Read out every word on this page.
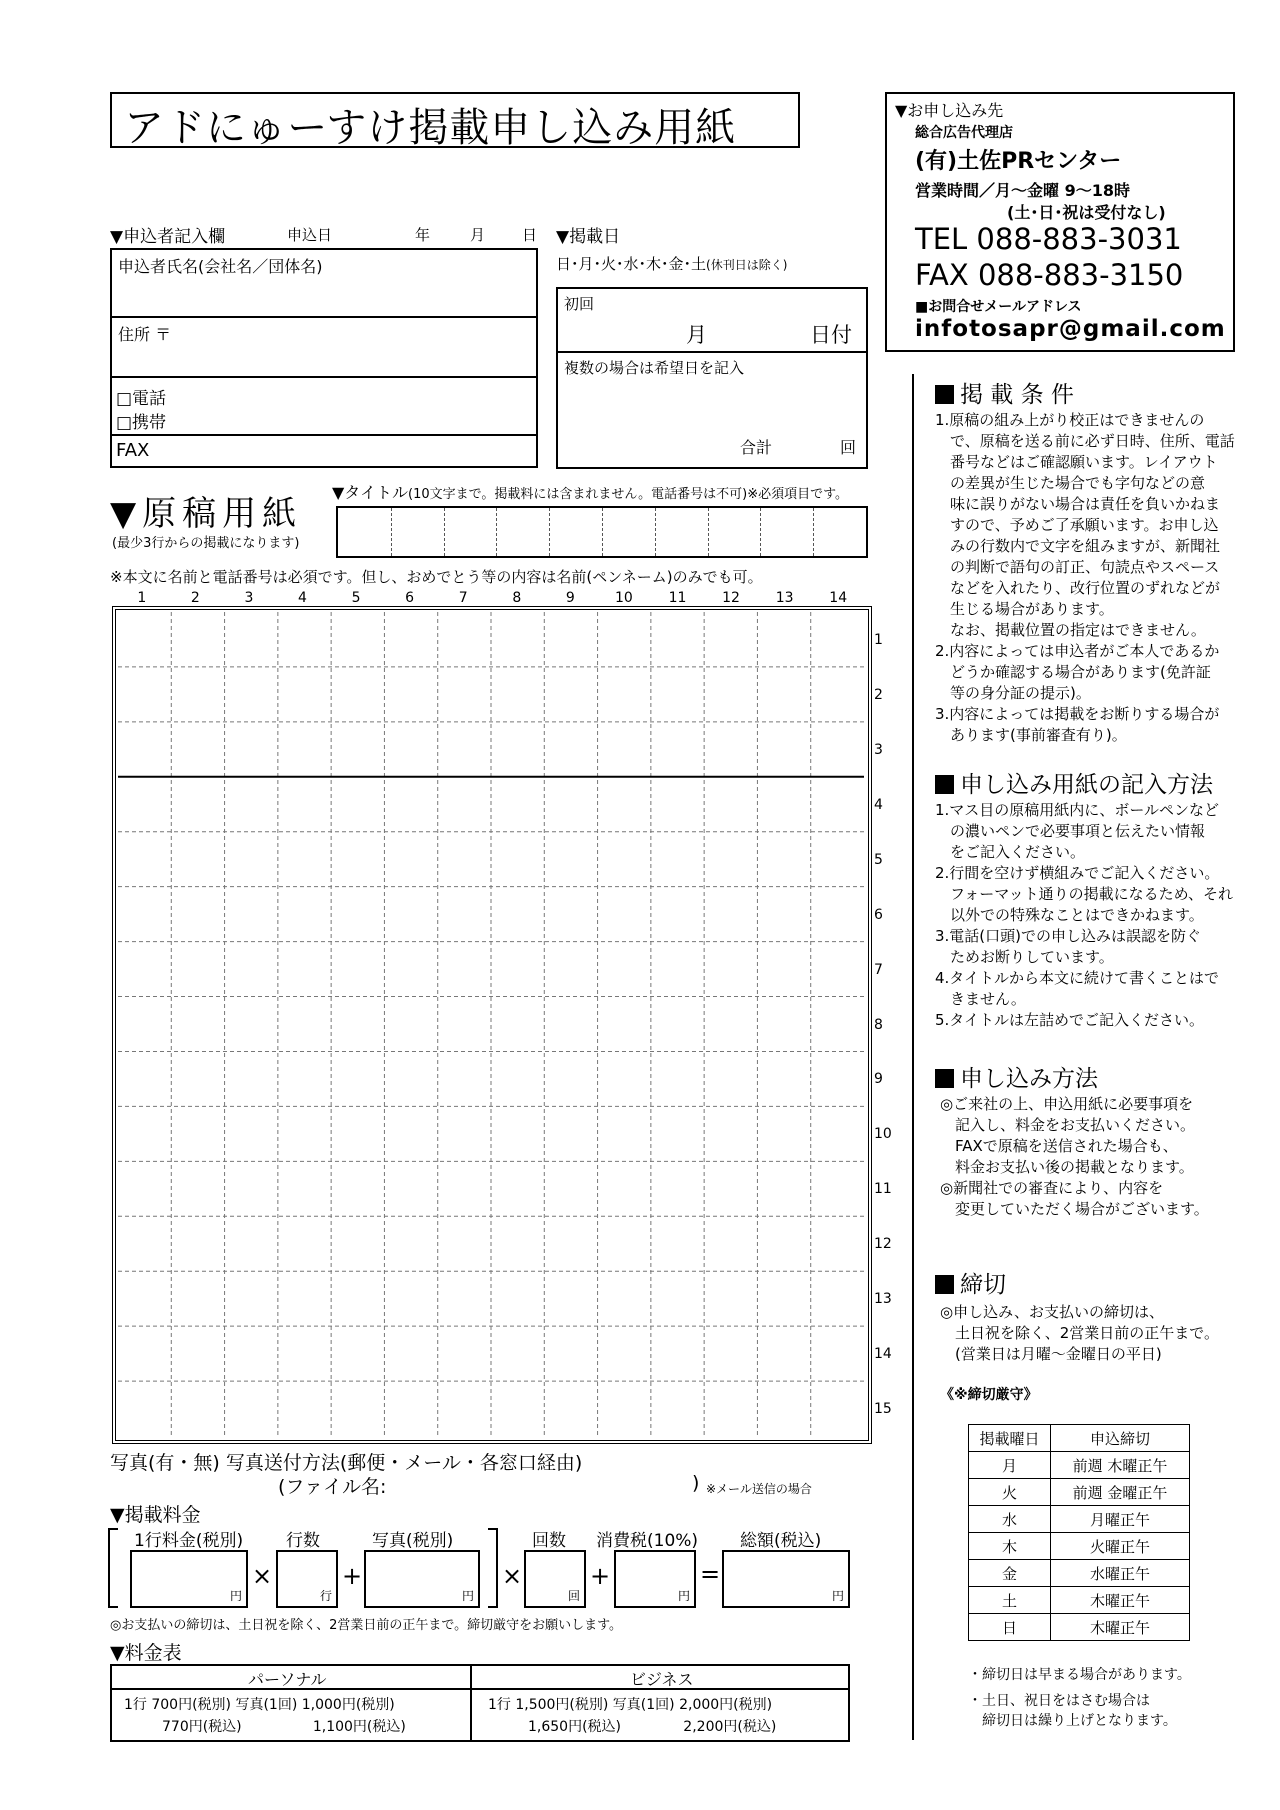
アドにゅーすけ掲載申し込み用紙	▼お申し込み先
総合広告代理店
(有)土佐PRセンター
営業時間／月〜金曜 9〜18時
(土･日･祝は受付なし)
TEL 088-883-3031
FAX 088-883-3150
■お問合せメールアドレス
infotosapr@gmail.com
▼申込者記入欄	申込日	年	月 日
申込者氏名(会社名／団体名)
住所 〒
□電話
□携帯
FAX
▼掲載日
日･月･火･水･木･金･土(休刊日は除く)
初回
月	日付
複数の場合は希望日を記入
合計	回
▼原稿用紙
(最少3行からの掲載になります)
▼タイトル(10文字まで。掲載料には含まれません。電話番号は不可)※必須項目です。
※本文に名前と電話番号は必須です。但し、おめでとう等の内容は名前(ペンネーム)のみでも可。
1	2	3	4	5	6	7	8	9	10	11	12	13	14
1
2
3
4
5
6
7
8
9
10
11
12
13
14
15
写真(有・無) 写真送付方法(郵便・メール・各窓口経由)
(ファイル名:	) ※メール送信の場合
▼掲載料金
1行料金(税別)
円
×
行数
行
+
写真(税別)
円
×
回数
回
+
消費税(10%)
円
=
総額(税込)
円
◎お支払いの締切は、土日祝を除く、2営業日前の正午まで。締切厳守をお願いします。
▼料金表
パーソナル	ビジネス
1行 700円(税別) 写真(1回) 1,000円(税別)
770円(税込)                1,100円(税込)
1行 1,500円(税別) 写真(1回) 2,000円(税別)
1,650円(税込)              2,200円(税込)
掲 載 条 件
1.原稿の組み上がり校正はできませんの
　で、原稿を送る前に必ず日時、住所、電話
　番号などはご確認願います。レイアウト
　の差異が生じた場合でも字句などの意
　味に誤りがない場合は責任を負いかねま
　すので、予めご了承願います。お申し込
　みの行数内で文字を組みますが、新聞社
　の判断で語句の訂正、句読点やスペース
　などを入れたり、改行位置のずれなどが
　生じる場合があります。
　なお、掲載位置の指定はできません。
2.内容によっては申込者がご本人であるか
　どうか確認する場合があります(免許証
　等の身分証の提示)。
3.内容によっては掲載をお断りする場合が
　あります(事前審査有り)。
申し込み用紙の記入方法
1.マス目の原稿用紙内に、ボールペンなど
　の濃いペンで必要事項と伝えたい情報
　をご記入ください。
2.行間を空けず横組みでご記入ください。
　フォーマット通りの掲載になるため、それ
　以外での特殊なことはできかねます。
3.電話(口頭)での申し込みは誤認を防ぐ
　ためお断りしています。
4.タイトルから本文に続けて書くことはで
　きません。
5.タイトルは左詰めでご記入ください。
申し込み方法
◎ご来社の上、申込用紙に必要事項を
　記入し、料金をお支払いください。
　FAXで原稿を送信された場合も、
　料金お支払い後の掲載となります。
◎新聞社での審査により、内容を
　変更していただく場合がございます。
締切
◎申し込み、お支払いの締切は、
　土日祝を除く、2営業日前の正午まで。
　(営業日は月曜〜金曜日の平日)
《※締切厳守》
掲載曜日	申込締切
月	前週 木曜正午
火	前週 金曜正午
水	月曜正午
木	火曜正午
金	水曜正午
土	木曜正午
日	木曜正午
・締切日は早まる場合があります。
・土日、祝日をはさむ場合は
　締切日は繰り上げとなります。
